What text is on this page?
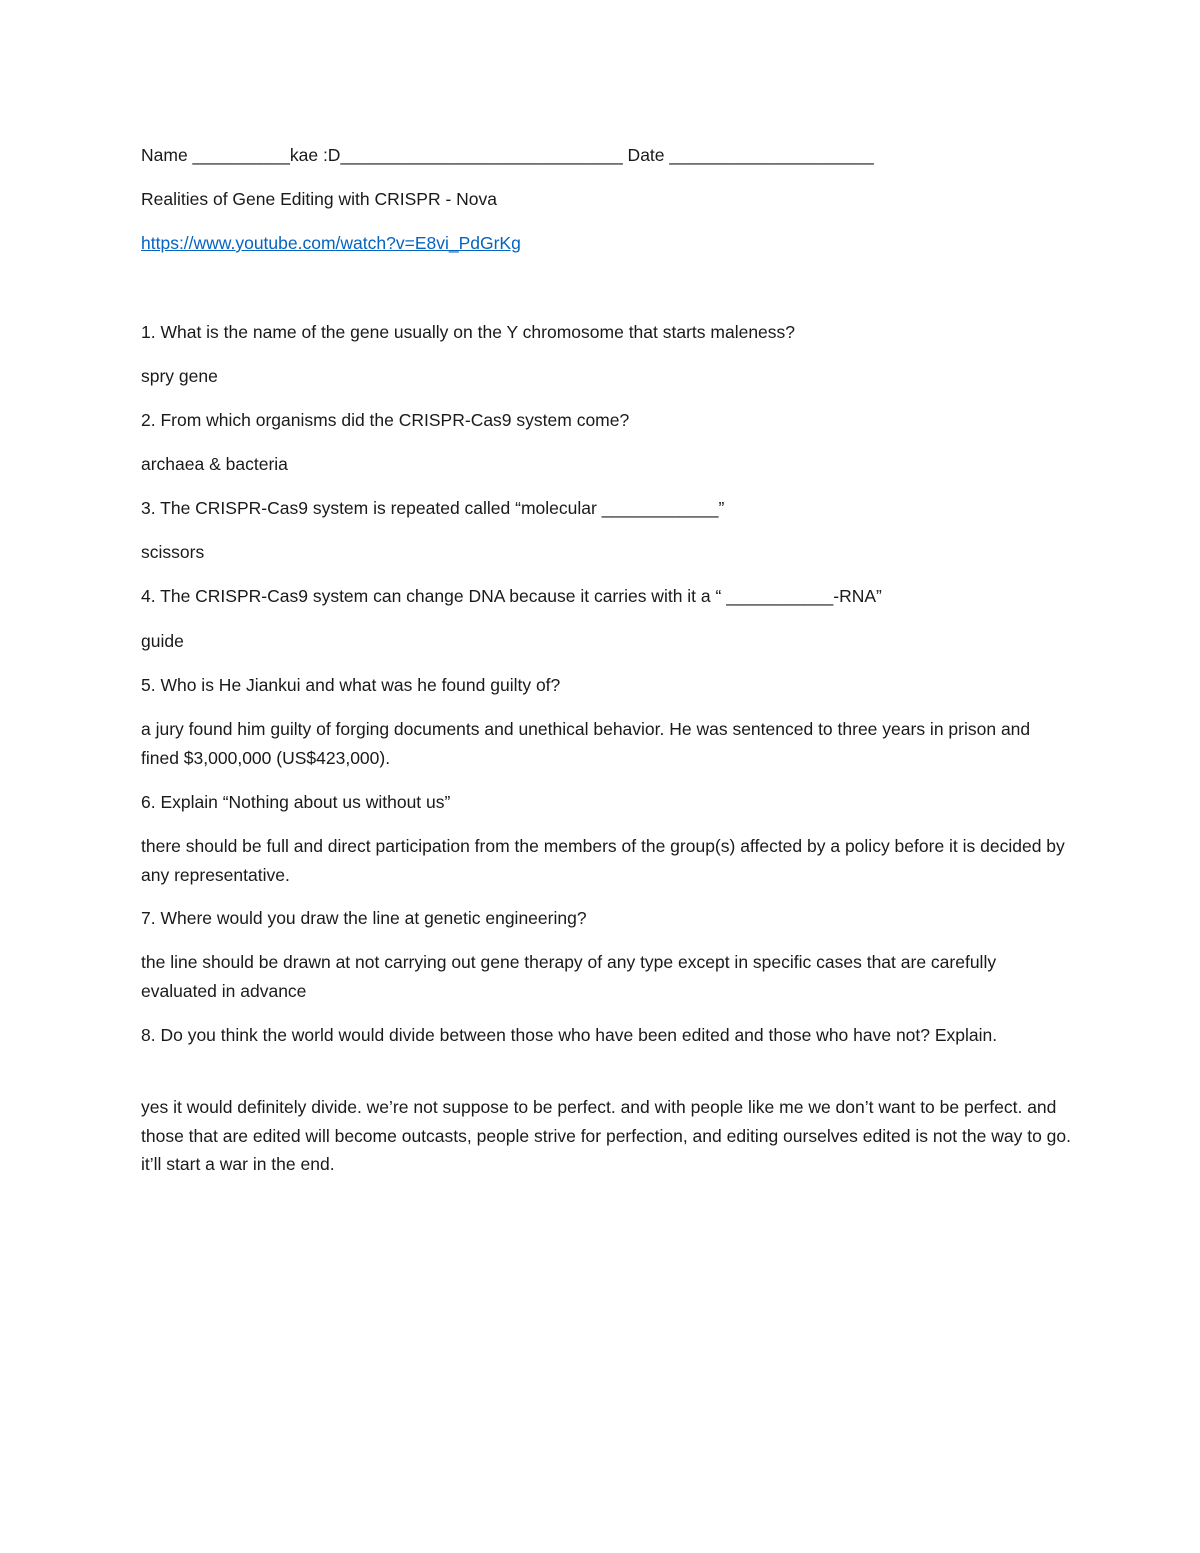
Name __________kae :D_____________________________ Date _____________________
Realities of Gene Editing with CRISPR - Nova
https://www.youtube.com/watch?v=E8vi_PdGrKg
1. What is the name of the gene usually on the Y chromosome that starts maleness?
spry gene
2. From which organisms did the CRISPR-Cas9 system come?
archaea & bacteria
3. The CRISPR-Cas9 system is repeated called “molecular ____________”
scissors
4. The CRISPR-Cas9 system can change DNA because it carries with it a “ ___________-RNA”
guide
5. Who is He Jiankui and what was he found guilty of?
a jury found him guilty of forging documents and unethical behavior. He was sentenced to three years in prison and fined $3,000,000 (US$423,000).
6. Explain “Nothing about us without us”
there should be full and direct participation from the members of the group(s) affected by a policy before it is decided by any representative.
7. Where would you draw the line at genetic engineering?
the line should be drawn at not carrying out gene therapy of any type except in specific cases that are carefully evaluated in advance
8. Do you think the world would divide between those who have been edited and those who have not? Explain.
yes it would definitely divide. we’re not suppose to be perfect. and with people like me we don’t want to be perfect. and those that are edited will become outcasts, people strive for perfection, and editing ourselves edited is not the way to go. it’ll start a war in the end.
